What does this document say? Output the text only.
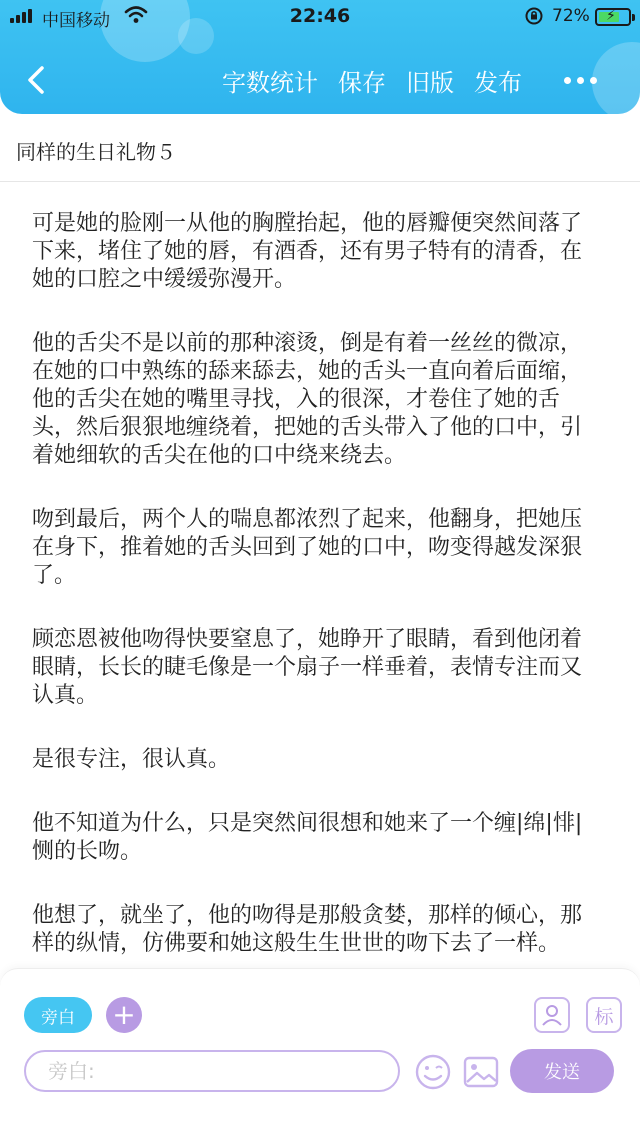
中国移动	22:46	72% ⚡
字数统计 保存 旧版 发布
同样的生日礼物５

可是她的脸刚一从他的胸膛抬起，他的唇瓣便突然间落了下来，堵住了她的唇，有酒香，还有男子特有的清香，在她的口腔之中缓缓弥漫开。

他的舌尖不是以前的那种滚烫，倒是有着一丝丝的微凉，在她的口中熟练的舔来舔去，她的舌头一直向着后面缩，他的舌尖在她的嘴里寻找，入的很深，才卷住了她的舌头，然后狠狠地缠绕着，把她的舌头带入了他的口中，引着她细软的舌尖在他的口中绕来绕去。

吻到最后，两个人的喘息都浓烈了起来，他翻身，把她压在身下，推着她的舌头回到了她的口中，吻变得越发深狠了。

顾恋恩被他吻得快要窒息了，她睁开了眼睛，看到他闭着眼睛，长长的睫毛像是一个扇子一样垂着，表情专注而又认真。

是很专注，很认真。

他不知道为什么，只是突然间很想和她来了一个缠|绵|悱|恻的长吻。

他想了，就坐了，他的吻得是那般贪婪，那样的倾心，那样的纵情，仿佛要和她这般生生世世的吻下去了一样。

旁白	+	标
旁白:
发送
